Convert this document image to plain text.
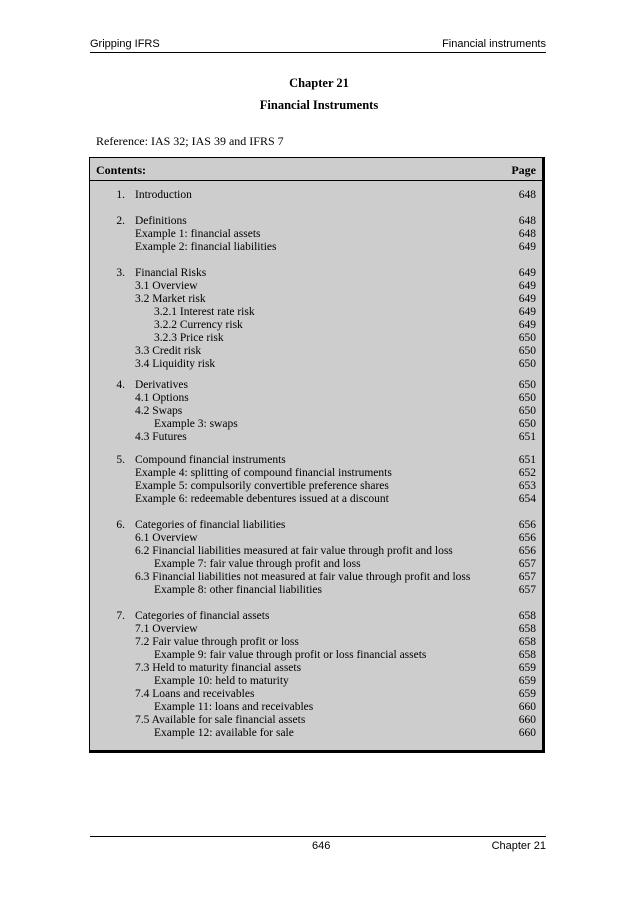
Gripping IFRS	Financial instruments
Chapter 21
Financial Instruments
Reference: IAS 32; IAS 39 and IFRS 7
Contents:	Page
1. Introduction	648
2. Definitions	648
Example 1: financial assets	648
Example 2: financial liabilities	649
3. Financial Risks	649
3.1 Overview	649
3.2 Market risk	649
3.2.1 Interest rate risk	649
3.2.2 Currency risk	649
3.2.3 Price risk	650
3.3 Credit risk	650
3.4 Liquidity risk	650
4. Derivatives	650
4.1 Options	650
4.2 Swaps	650
Example 3: swaps	650
4.3 Futures	651
5. Compound financial instruments	651
Example 4: splitting of compound financial instruments	652
Example 5: compulsorily convertible preference shares	653
Example 6: redeemable debentures issued at a discount	654
6. Categories of financial liabilities	656
6.1 Overview	656
6.2 Financial liabilities measured at fair value through profit and loss	656
Example 7: fair value through profit and loss	657
6.3 Financial liabilities not measured at fair value through profit and loss	657
Example 8: other financial liabilities	657
7. Categories of financial assets	658
7.1 Overview	658
7.2 Fair value through profit or loss	658
Example 9: fair value through profit or loss financial assets	658
7.3 Held to maturity financial assets	659
Example 10: held to maturity	659
7.4 Loans and receivables	659
Example 11: loans and receivables	660
7.5 Available for sale financial assets	660
Example 12: available for sale	660
646	Chapter 21
